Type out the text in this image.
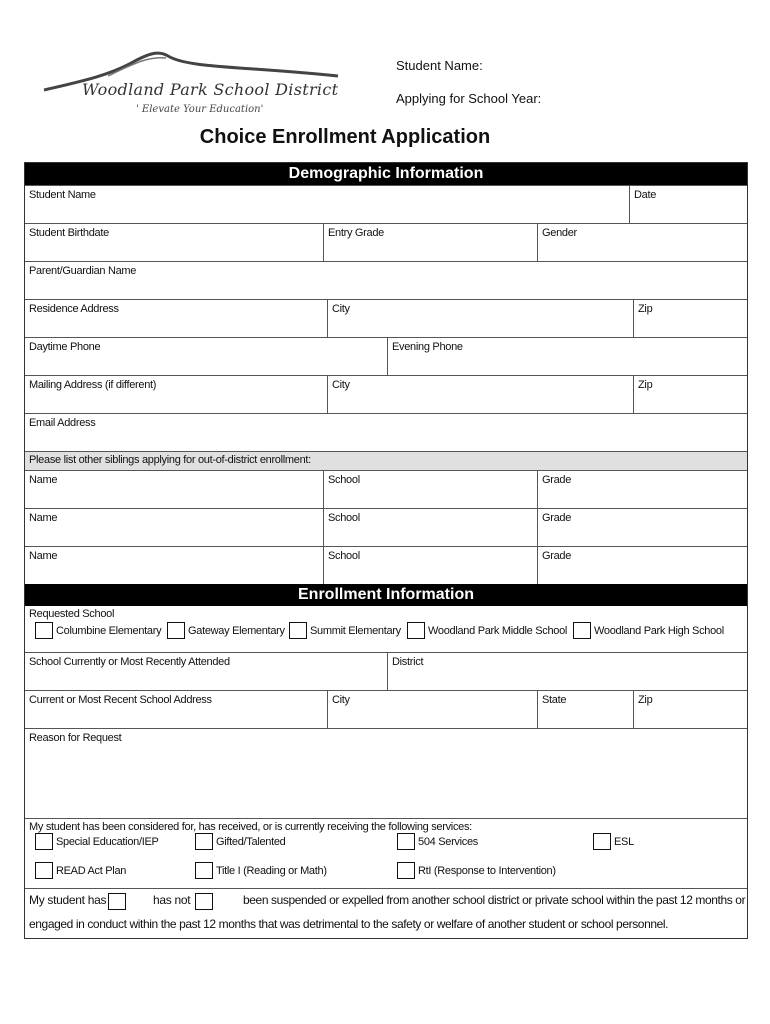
Woodland Park School District
' Elevate Your Education'
Student Name:
Applying for School Year:
Choice Enrollment Application
Demographic Information
Student Name	Date
Student Birthdate	Entry Grade	Gender
Parent/Guardian Name
Residence Address	City	Zip
Daytime Phone	Evening Phone
Mailing Address (if different)	City	Zip
Email Address
Please list other siblings applying for out-of-district enrollment:
Name	School	Grade
Name	School	Grade
Name	School	Grade
Enrollment Information
Requested School
Columbine Elementary Gateway Elementary Summit Elementary Woodland Park Middle School Woodland Park High School
School Currently or Most Recently Attended	District
Current or Most Recent School Address	City	State	Zip
Reason for Request
My student has been considered for, has received, or is currently receiving the following services:
Special Education/IEP	Gifted/Talented	504 Services	ESL
READ Act Plan	Title I (Reading or Math)	RtI (Response to Intervention)
My student has	has not	been suspended or expelled from another school district or private school within the past 12 months or
engaged in conduct within the past 12 months that was detrimental to the safety or welfare of another student or school personnel.
